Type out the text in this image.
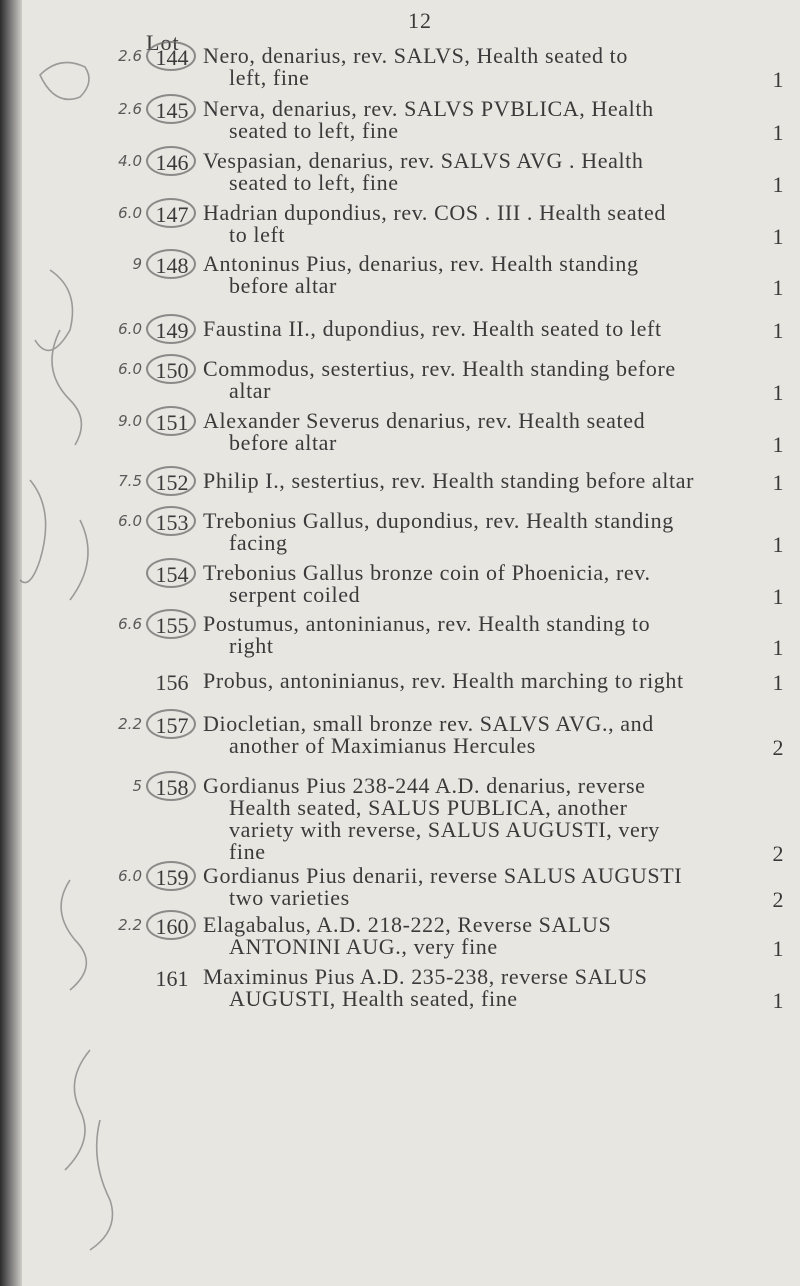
12
Lot
2.6 144 Nero, denarius, rev. SALVS, Health seated to
left, fine	1
2.6 145 Nerva, denarius, rev. SALVS PVBLICA, Health
seated to left, fine	1
4.0 146 Vespasian, denarius, rev. SALVS AVG . Health
seated to left, fine	1
6.0 147 Hadrian dupondius, rev. COS . III . Health seated
to left	1
9 148 Antoninus Pius, denarius, rev. Health standing
before altar	1
6.0 149 Faustina II., dupondius, rev. Health seated to left	1
6.0 150 Commodus, sestertius, rev. Health standing before
altar	1
9.0 151 Alexander Severus denarius, rev. Health seated
before altar	1
7.5 152 Philip I., sestertius, rev. Health standing before altar	1
6.0 153 Trebonius Gallus, dupondius, rev. Health standing
facing	1
154 Trebonius Gallus bronze coin of Phoenicia, rev.
serpent coiled	1
6.6 155 Postumus, antoninianus, rev. Health standing to
right	1
156 Probus, antoninianus, rev. Health marching to right	1
2.2 157 Diocletian, small bronze rev. SALVS AVG., and
another of Maximianus Hercules	2
5 158 Gordianus Pius 238-244 A.D. denarius, reverse
Health seated, SALUS PUBLICA, another
variety with reverse, SALUS AUGUSTI, very
fine	2
6.0 159 Gordianus Pius denarii, reverse SALUS AUGUSTI
two varieties	2
2.2 160 Elagabalus, A.D. 218-222, Reverse SALUS
ANTONINI AUG., very fine	1
161 Maximinus Pius A.D. 235-238, reverse SALUS
AUGUSTI, Health seated, fine	1
